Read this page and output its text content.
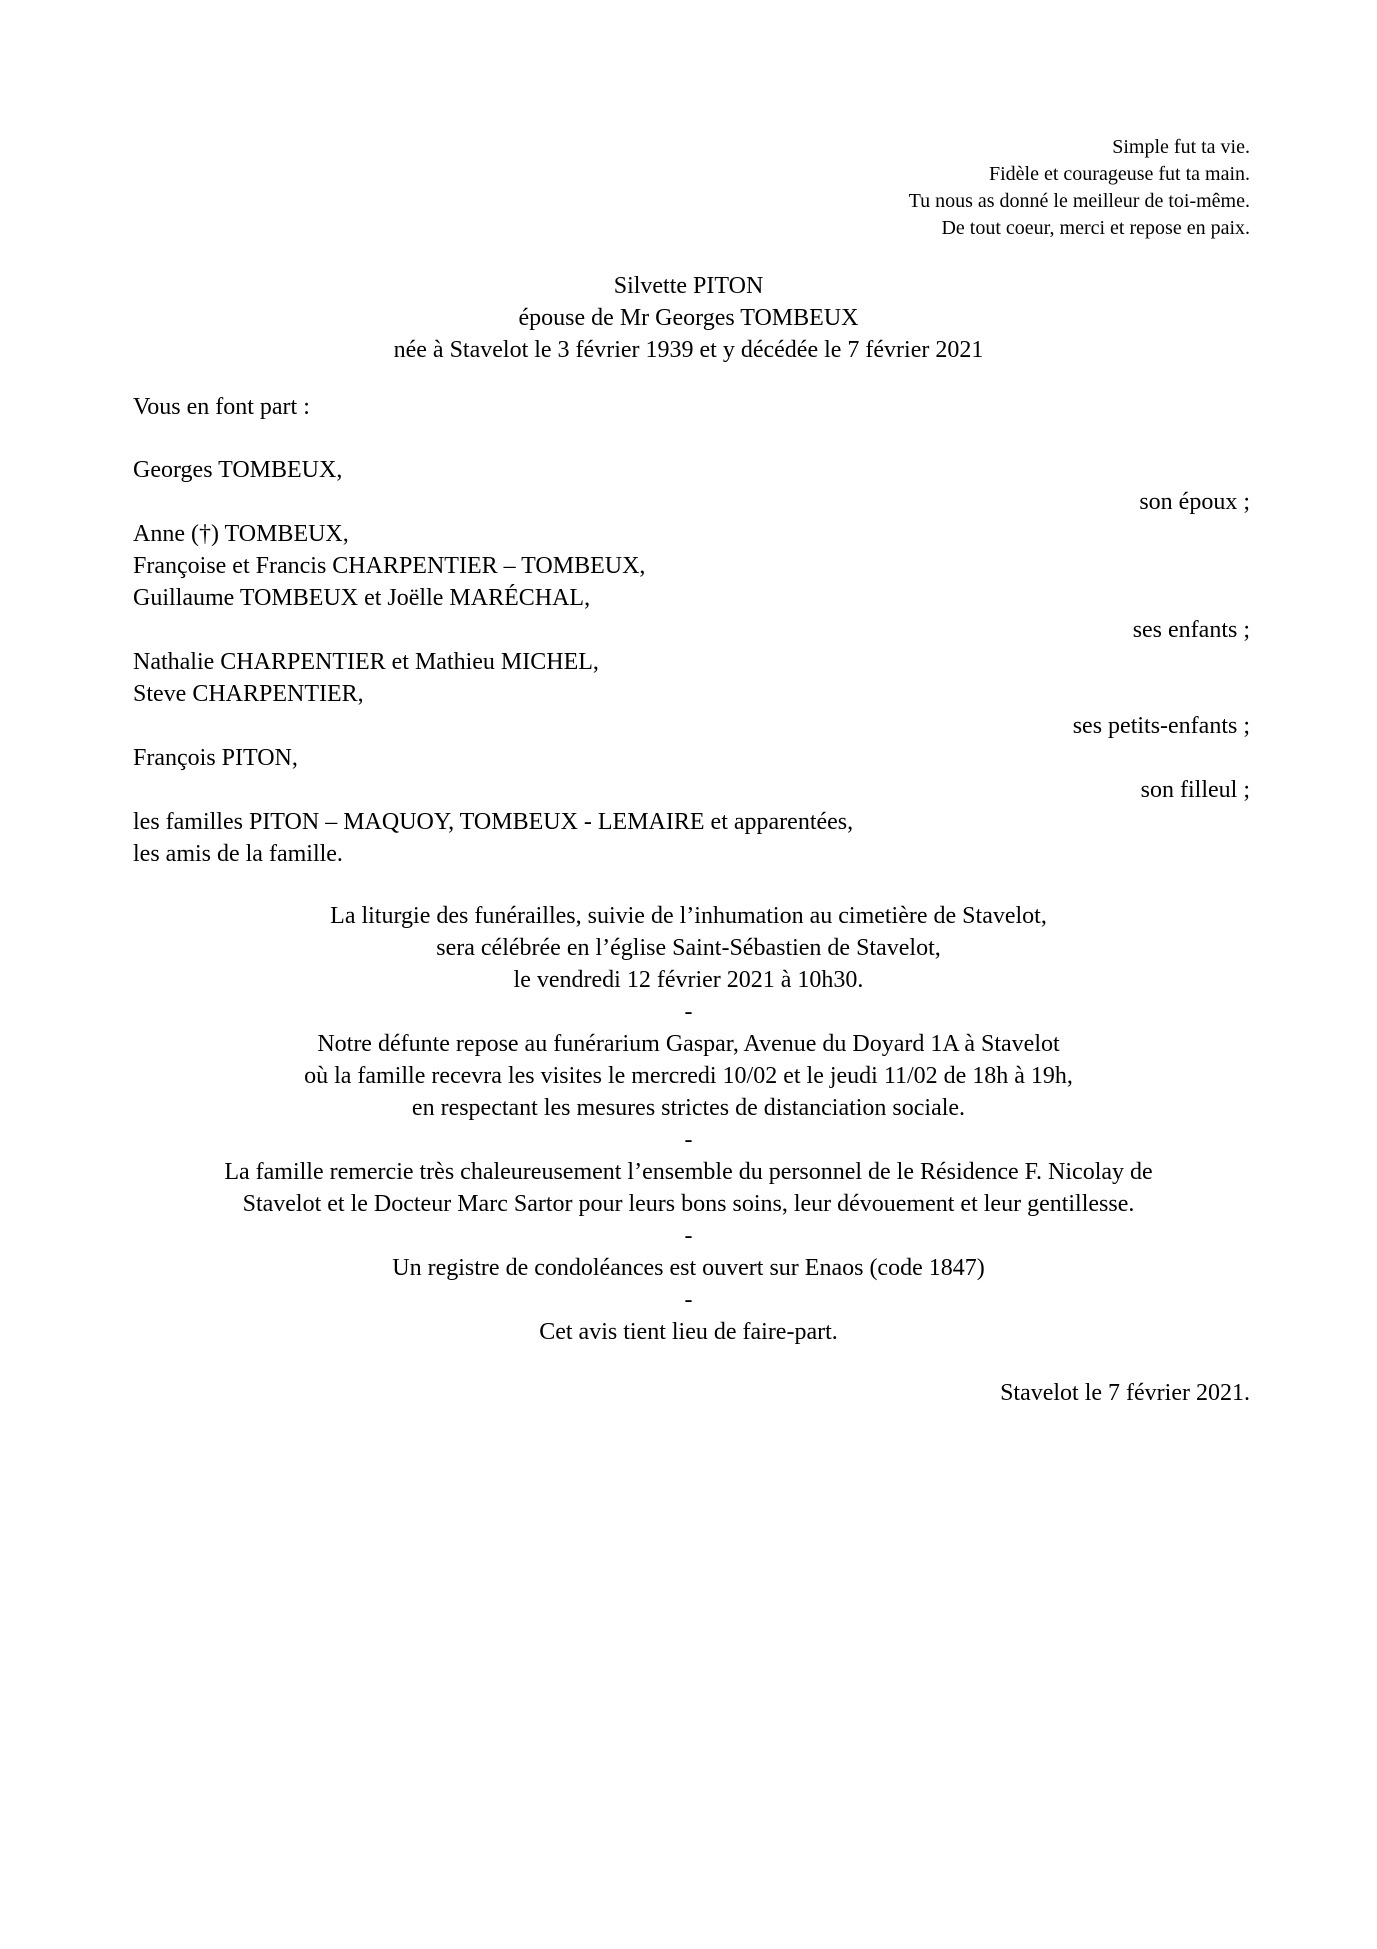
Simple fut ta vie.
Fidèle et courageuse fut ta main.
Tu nous as donné le meilleur de toi-même.
De tout coeur, merci et repose en paix.
Silvette PITON
épouse de Mr Georges TOMBEUX
née à Stavelot le 3 février 1939 et y décédée le 7 février 2021
Vous en font part :
Georges TOMBEUX,
son époux ;
Anne (†) TOMBEUX,
Françoise et Francis CHARPENTIER – TOMBEUX,
Guillaume TOMBEUX et Joëlle MARÉCHAL,
ses enfants ;
Nathalie CHARPENTIER et Mathieu MICHEL,
Steve CHARPENTIER,
ses petits-enfants ;
François PITON,
son filleul ;
les familles PITON – MAQUOY, TOMBEUX - LEMAIRE et apparentées,
les amis de la famille.
La liturgie des funérailles, suivie de l’inhumation au cimetière de Stavelot,
sera célébrée en l’église Saint-Sébastien de Stavelot,
le vendredi 12 février 2021 à 10h30.
-
Notre défunte repose au funérarium Gaspar, Avenue du Doyard 1A à Stavelot
où la famille recevra les visites le mercredi 10/02 et le jeudi 11/02 de 18h à 19h,
en respectant les mesures strictes de distanciation sociale.
-
La famille remercie très chaleureusement l’ensemble du personnel de le Résidence F. Nicolay de
Stavelot et le Docteur Marc Sartor pour leurs bons soins, leur dévouement et leur gentillesse.
-
Un registre de condoléances est ouvert sur Enaos (code 1847)
-
Cet avis tient lieu de faire-part.
Stavelot le 7 février 2021.
